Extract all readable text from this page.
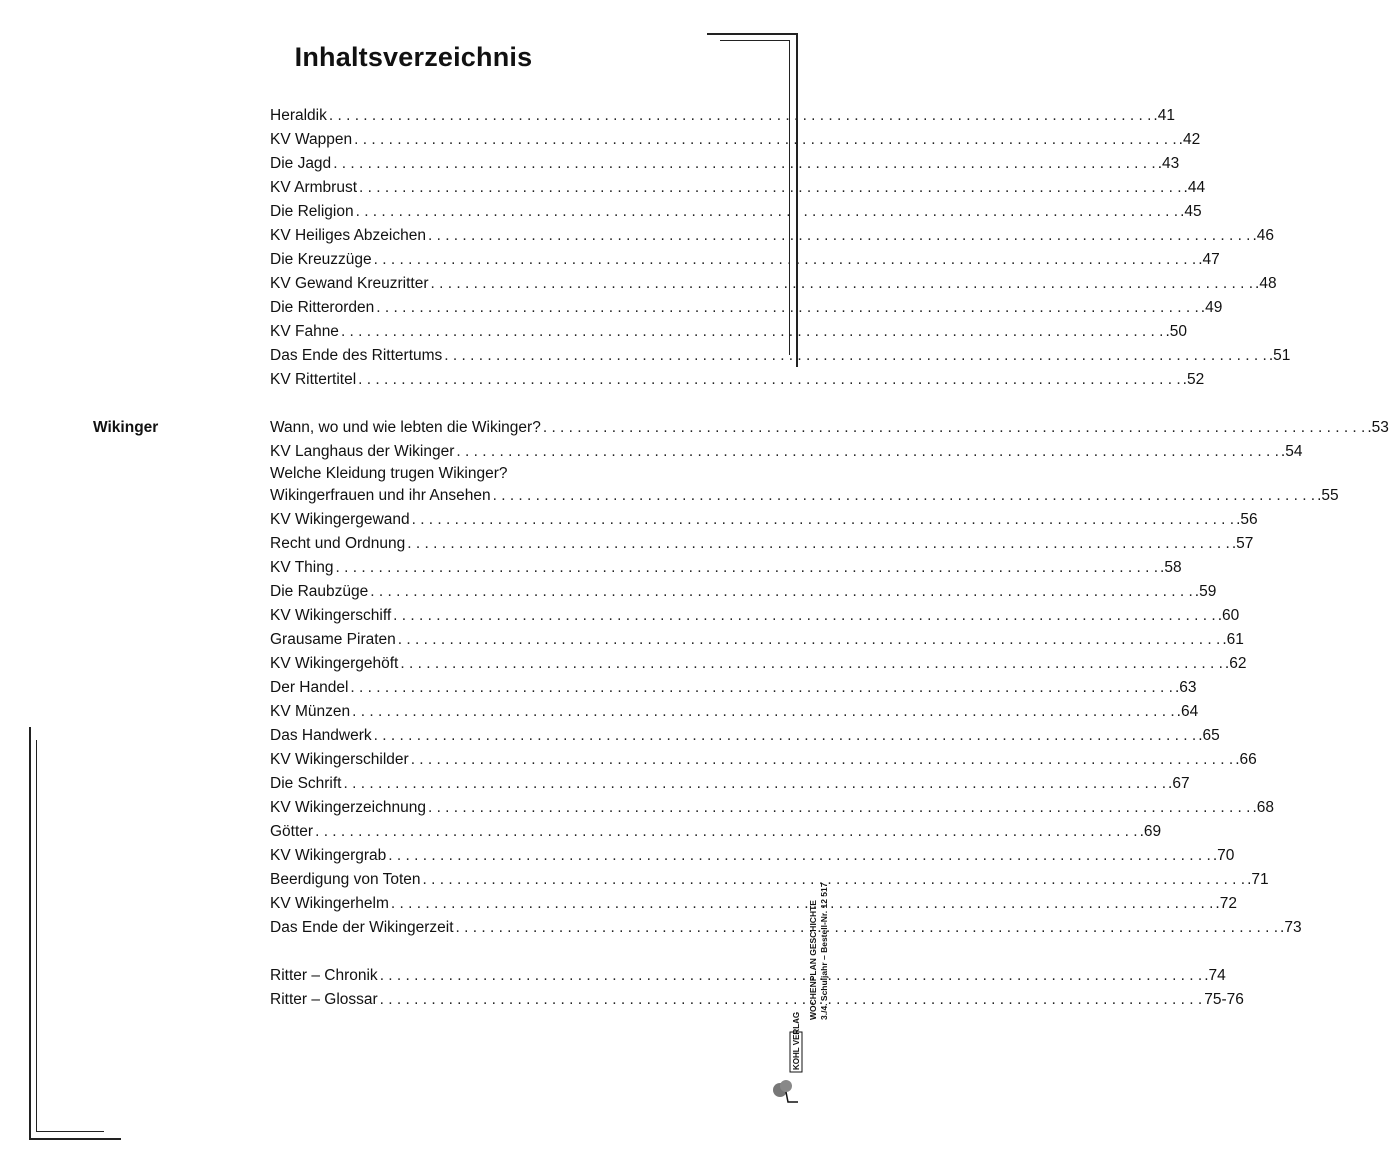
Inhaltsverzeichnis
Wikinger
Heraldik . . .	.41
KV Wappen . . .	.42
Die Jagd . . .	.43
KV Armbrust . . .	.44
Die Religion . . .	.45
KV Heiliges Abzeichen . . .	.46
Die Kreuzzüge . . .	.47
KV Gewand Kreuzritter . . .	.48
Die Ritterorden . . .	.49
KV Fahne . . .	.50
Das Ende des Rittertums . . .	.51
KV Rittertitel . . .	.52
Wann, wo und wie lebten die Wikinger? . . .	.53
KV Langhaus der Wikinger . . .	.54
Welche Kleidung trugen Wikinger?
Wikingerfrauen und ihr Ansehen . . .	.55
KV Wikingergewand . . .	.56
Recht und Ordnung . . .	.57
KV Thing . . .	.58
Die Raubzüge . . .	.59
KV Wikingerschiff . . .	.60
Grausame Piraten . . .	.61
KV Wikingergehöft . . .	.62
Der Handel . . .	.63
KV Münzen . . .	.64
Das Handwerk . . .	.65
KV Wikingerschilder . . .	.66
Die Schrift . . .	.67
KV Wikingerzeichnung . . .	.68
Götter . . .	.69
KV Wikingergrab . . .	.70
Beerdigung von Toten . . .	.71
KV Wikingerhelm . . .	.72
Das Ende der Wikingerzeit . . .	.73
Ritter – Chronik . . .	.74
Ritter – Glossar . . .	75-76
WOCHENPLAN GESCHICHTE 3./4. Schuljahr – Bestell-Nr. 12 517
KOHL VERLAG
